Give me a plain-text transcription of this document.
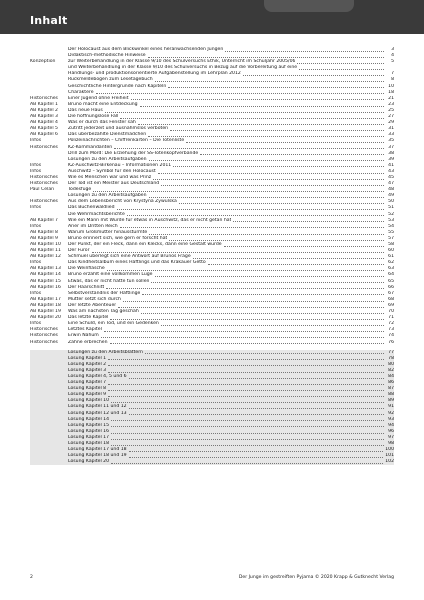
Inhalt
Der Holocaust aus dem Blickwinkel eines heranwachsenden Jungen	3
Didaktisch-methodische Hinweise	4
Konzeption	zur Weiterbehandlung in der Klasse 9/10 des Schulversuchs Ethik, Unterricht im Schuljahr 2005/06	5
und Weiterbehandlung in der Klasse 9/10 des Schulversuchs in Bezug auf die Vorbereitung auf eine
Handlungs- und produktionsorientierte Aufgabenstellung im Lehrplan 2012	7
Rückmeldebögen zum Lesetagebuch	8
Geschichtliche Hintergründe nach Kapiteln	10
Charaktere	18
Historisches	Einer Jugend ohne Freiheit	21
AB Kapitel 1	Bruno macht eine Entdeckung	23
AB Kapitel 2	Das neue Haus	25
AB Kapitel 3	Die hoffnungslose Fall	27
AB Kapitel 4	Was er durch das Fenster sah	29
AB Kapitel 5	Zutritt jederzeit und ausnahmslos verboten	31
AB Kapitel 6	Das überbezahlte Dienstmädchen	33
Infos	Polizeinachrichten – Chiffrenkarten – Die Totenliste	35
Historisches	KZ-Kommandanten	37
Drill zum Mord: Die Erziehung der SS-Totenkopfverbände	38
Lösungen zu den Arbeitsaufgaben	39
Infos	KZ-Auschwitz-Birkenau – Informationen 2011	41
Infos	Auschwitz – Symbol für den Holocaust	43
Historisches	Wie es Menschen war und was Prinz	45
Historisches	Der Tod ist ein Meister aus Deutschland	47
Paul Celan	Todesfuge	48
Lösungen zu den Arbeitsaufgaben	49
Historisches	Aus dem Lebensbericht von Krystyna Żywulska	50
Infos	Das Buchenwaldlied	51
Die Wehrmachtsberichte	52
AB Kapitel 7	Wie ein Mann mit Würde für etwas in Auschwitz, das er nicht getan hat	53
Infos	Arier im Dritten Reich	54
AB Kapitel 8	Warum Großmutter hinausstürmte	55
AB Kapitel 9	Bruno erinnert sich, wie gern er forscht hat	57
AB Kapitel 10	Der Punkt, der ein Fleck, dann ein Klecks, dann eine Gestalt wurde	58
AB Kapitel 11	Der Furor	60
AB Kapitel 12	Schmuel überlegt sich eine Antwort auf Brunos Frage	61
Infos	Das Kindheitsalbum eines Häftlings und das Krakauer Getto	62
AB Kapitel 13	Die Weinflasche	63
AB Kapitel 14	Bruno erzählt eine vollkommen Lüge	64
AB Kapitel 15	Etwas, das er nicht hätte tun sollen	65
AB Kapitel 16	Der Haarschnitt	66
Infos	Selbstverständnis der Häftlinge	67
AB Kapitel 17	Mutter setzt sich durch	68
AB Kapitel 18	Der letzte Abenteuer	69
AB Kapitel 19	Was am nächsten Tag geschah	70
AB Kapitel 20	Das letzte Kapitel	71
Infos	Eine Schuld, ein Tod, und ein Gedenken	72
Historisches	Letztes Kapitel	73
Historisches	Erwin Nahum	74
Historisches	Zähne erbrechen	76
Lösungen zu den Arbeitsblättern	77
Lösung Kapitel 1	78
Lösung Kapitel 2	80
Lösung Kapitel 3	82
Lösung Kapitel 4, 5 und 6	84
Lösung Kapitel 7	86
Lösung Kapitel 8	87
Lösung Kapitel 9	88
Lösung Kapitel 10	89
Lösung Kapitel 11 und 12	91
Lösung Kapitel 12 und 13	92
Lösung Kapitel 14	93
Lösung Kapitel 15	94
Lösung Kapitel 16	96
Lösung Kapitel 17	97
Lösung Kapitel 18	98
Lösung Kapitel 17 und 18	100
Lösung Kapitel 18 und 19	101
Lösung Kapitel 20	102
2	Der Junge im gestreiften Pyjama © 2020 Krapp & Gutknecht Verlag
